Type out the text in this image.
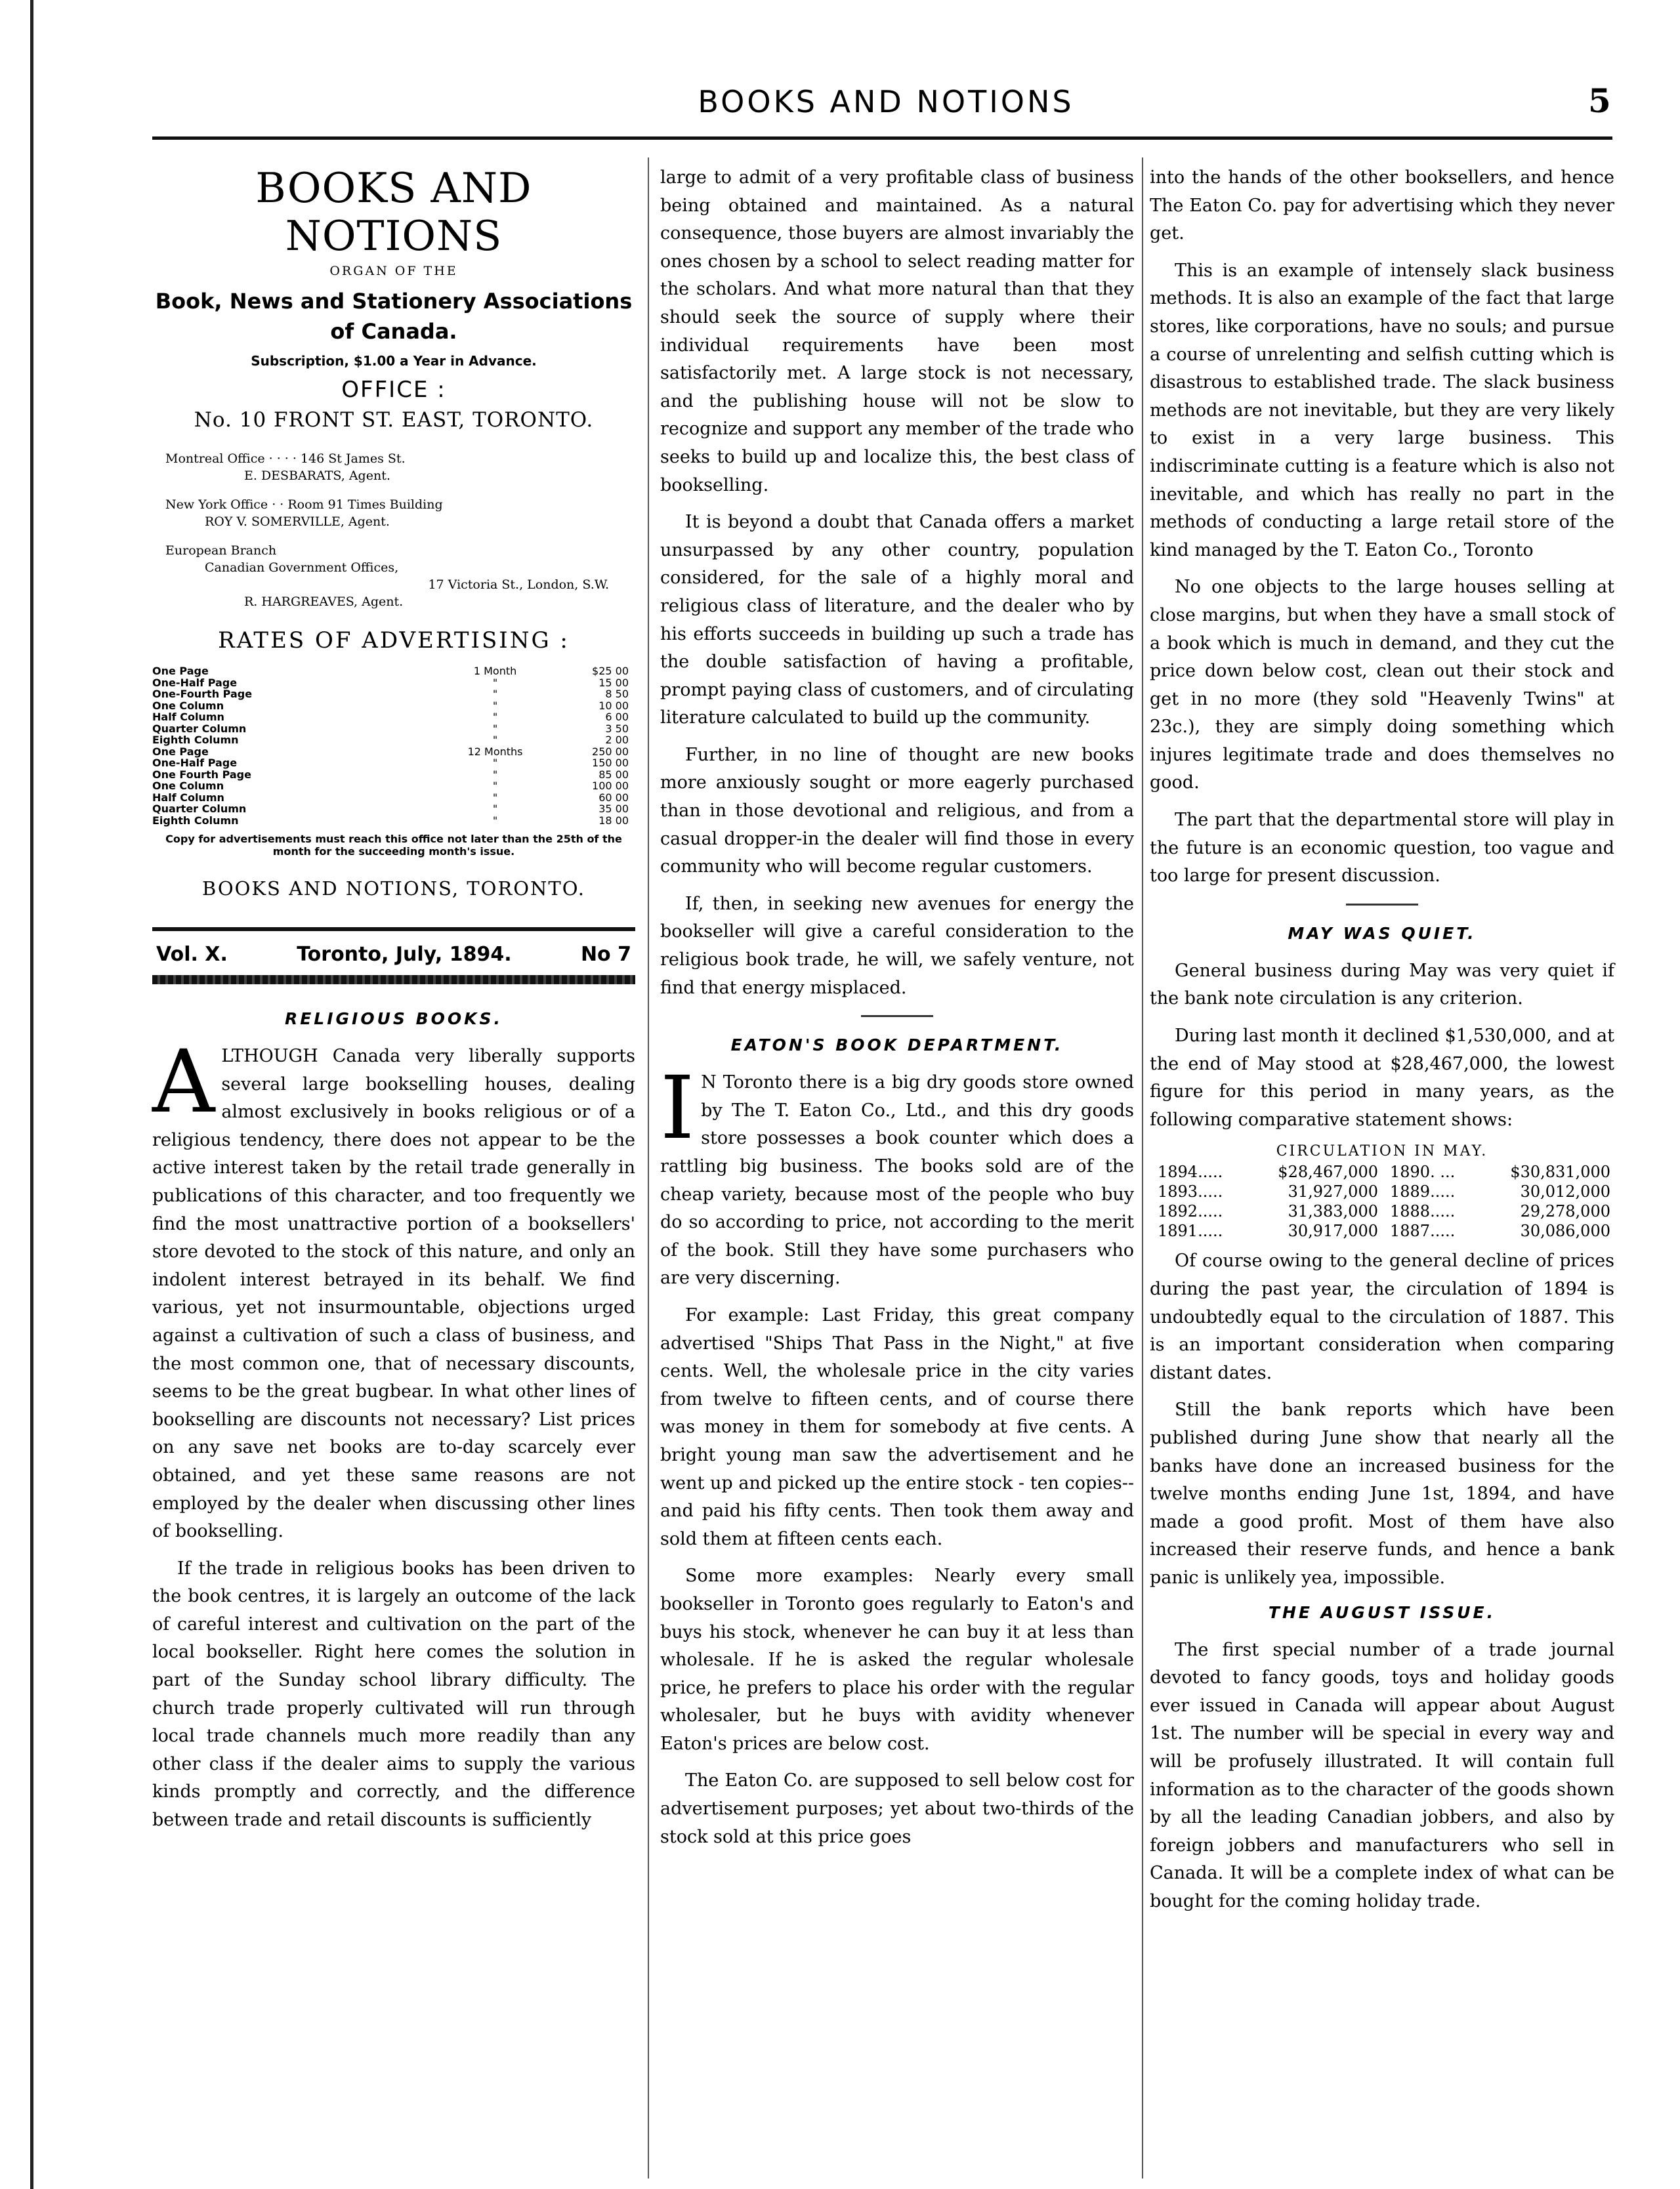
BOOKS AND NOTIONS	5
BOOKS AND NOTIONS
ORGAN OF THE
Book, News and Stationery Associations of Canada.
Subscription, $1.00 a Year in Advance.
OFFICE :
No. 10 FRONT ST. EAST, TORONTO.
Montreal Office · · · · 146 St James St.
E. DESBARATS, Agent.
New York Office · · Room 91 Times Building
ROY V. SOMERVILLE, Agent.
European Branch
Canadian Government Offices,
17 Victoria St., London, S.W.
R. HARGREAVES, Agent.
RATES OF ADVERTISING :
One Page	1 Month	$25 00
One-Half Page	"	15 00
One-Fourth Page	"	8 50
One Column	"	10 00
Half Column	"	6 00
Quarter Column	"	3 50
Eighth Column	"	2 00
One Page	12 Months	250 00
One-Half Page	"	150 00
One Fourth Page	"	85 00
One Column	"	100 00
Half Column	"	60 00
Quarter Column	"	35 00
Eighth Column	"	18 00
Copy for advertisements must reach this office not later than the 25th of the month for the succeeding month's issue.
BOOKS AND NOTIONS, TORONTO.
Vol. X.	Toronto, July, 1894.	No 7
RELIGIOUS BOOKS.

ALTHOUGH Canada very liberally supports several large bookselling houses, dealing almost exclusively in books religious or of a religious tendency, there does not appear to be the active interest taken by the retail trade generally in publications of this character, and too frequently we find the most unattractive portion of a booksellers' store devoted to the stock of this nature, and only an indolent interest betrayed in its behalf. We find various, yet not insurmountable, objections urged against a cultivation of such a class of business, and the most common one, that of necessary discounts, seems to be the great bugbear. In what other lines of bookselling are discounts not necessary? List prices on any save net books are to-day scarcely ever obtained, and yet these same reasons are not employed by the dealer when discussing other lines of bookselling.

If the trade in religious books has been driven to the book centres, it is largely an outcome of the lack of careful interest and cultivation on the part of the local bookseller. Right here comes the solution in part of the Sunday school library difficulty. The church trade properly cultivated will run through local trade channels much more readily than any other class if the dealer aims to supply the various kinds promptly and correctly, and the difference between trade and retail discounts is sufficiently

large to admit of a very profitable class of business being obtained and maintained. As a natural consequence, those buyers are almost invariably the ones chosen by a school to select reading matter for the scholars. And what more natural than that they should seek the source of supply where their individual requirements have been most satisfactorily met. A large stock is not necessary, and the publishing house will not be slow to recognize and support any member of the trade who seeks to build up and localize this, the best class of bookselling.

It is beyond a doubt that Canada offers a market unsurpassed by any other country, population considered, for the sale of a highly moral and religious class of literature, and the dealer who by his efforts succeeds in building up such a trade has the double satisfaction of having a profitable, prompt paying class of customers, and of circulating literature calculated to build up the community.

Further, in no line of thought are new books more anxiously sought or more eagerly purchased than in those devotional and religious, and from a casual dropper-in the dealer will find those in every community who will become regular customers.

If, then, in seeking new avenues for energy the bookseller will give a careful consideration to the religious book trade, he will, we safely venture, not find that energy misplaced.

EATON'S BOOK DEPARTMENT.

I N Toronto there is a big dry goods store owned by The T. Eaton Co., Ltd., and this dry goods store possesses a book counter which does a rattling big business. The books sold are of the cheap variety, because most of the people who buy do so according to price, not according to the merit of the book. Still they have some purchasers who are very discerning.

For example: Last Friday, this great company advertised "Ships That Pass in the Night," at five cents. Well, the wholesale price in the city varies from twelve to fifteen cents, and of course there was money in them for somebody at five cents. A bright young man saw the advertisement and he went up and picked up the entire stock - ten copies--and paid his fifty cents. Then took them away and sold them at fifteen cents each.

Some more examples: Nearly every small bookseller in Toronto goes regularly to Eaton's and buys his stock, whenever he can buy it at less than wholesale. If he is asked the regular wholesale price, he prefers to place his order with the regular wholesaler, but he buys with avidity whenever Eaton's prices are below cost.

The Eaton Co. are supposed to sell below cost for advertisement purposes; yet about two-thirds of the stock sold at this price goes

into the hands of the other booksellers, and hence The Eaton Co. pay for advertising which they never get.

This is an example of intensely slack business methods. It is also an example of the fact that large stores, like corporations, have no souls; and pursue a course of unrelenting and selfish cutting which is disastrous to established trade. The slack business methods are not inevitable, but they are very likely to exist in a very large business. This indiscriminate cutting is a feature which is also not inevitable, and which has really no part in the methods of conducting a large retail store of the kind managed by the T. Eaton Co., Toronto

No one objects to the large houses selling at close margins, but when they have a small stock of a book which is much in demand, and they cut the price down below cost, clean out their stock and get in no more (they sold "Heavenly Twins" at 23c.), they are simply doing something which injures legitimate trade and does themselves no good.

The part that the departmental store will play in the future is an economic question, too vague and too large for present discussion.

MAY WAS QUIET.

General business during May was very quiet if the bank note circulation is any criterion.

During last month it declined $1,530,000, and at the end of May stood at $28,467,000, the lowest figure for this period in many years, as the following comparative statement shows:

CIRCULATION IN MAY.
1894.....	$28,467,000	1890. ...	$30,831,000
1893.....	31,927,000	1889.....	30,012,000
1892.....	31,383,000	1888.....	29,278,000
1891.....	30,917,000	1887.....	30,086,000

Of course owing to the general decline of prices during the past year, the circulation of 1894 is undoubtedly equal to the circulation of 1887. This is an important consideration when comparing distant dates.

Still the bank reports which have been published during June show that nearly all the banks have done an increased business for the twelve months ending June 1st, 1894, and have made a good profit. Most of them have also increased their reserve funds, and hence a bank panic is unlikely yea, impossible.

THE AUGUST ISSUE.

The first special number of a trade journal devoted to fancy goods, toys and holiday goods ever issued in Canada will appear about August 1st. The number will be special in every way and will be profusely illustrated. It will contain full information as to the character of the goods shown by all the leading Canadian jobbers, and also by foreign jobbers and manufacturers who sell in Canada. It will be a complete index of what can be bought for the coming holiday trade.
